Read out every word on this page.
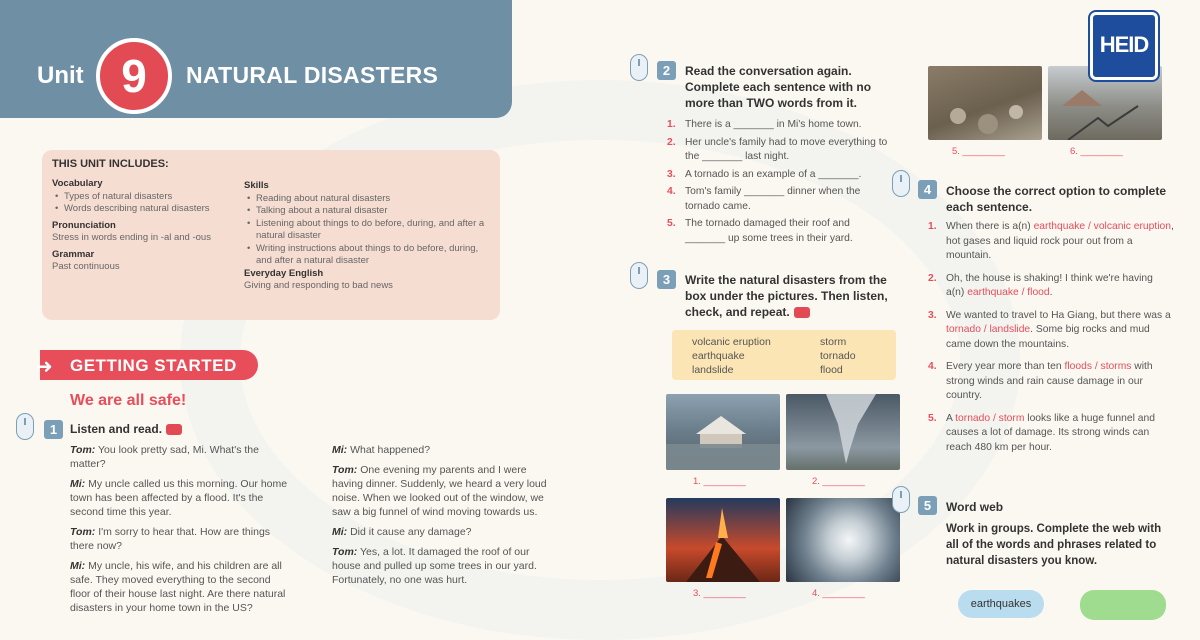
Unit 9	NATURAL DISASTERS
THIS UNIT INCLUDES:
Vocabulary
• Types of natural disasters
• Words describing natural disasters
Pronunciation
Stress in words ending in -al and -ous
Grammar
Past continuous
Skills
• Reading about natural disasters
• Talking about a natural disaster
• Listening about things to do before, during, and after a natural disaster
• Writing instructions about things to do before, during, and after a natural disaster
Everyday English
Giving and responding to bad news
➜ GETTING STARTED
We are all safe!
1	Listen and read.
Tom: You look pretty sad, Mi. What's the matter?
Mi: My uncle called us this morning. Our home town has been affected by a flood. It's the second time this year.
Tom: I'm sorry to hear that. How are things there now?
Mi: My uncle, his wife, and his children are all safe. They moved everything to the second floor of their house last night. Are there natural disasters in your home town in the US?
Mi: What happened?
Tom: One evening my parents and I were having dinner. Suddenly, we heard a very loud noise. When we looked out of the window, we saw a big funnel of wind moving towards us.
Mi: Did it cause any damage?
Tom: Yes, a lot. It damaged the roof of our house and pulled up some trees in our yard. Fortunately, no one was hurt.
2	Read the conversation again. Complete each sentence with no more than TWO words from it.
1. There is a _______ in Mi's home town.
2. Her uncle's family had to move everything to the _______ last night.
3. A tornado is an example of a _______.
4. Tom's family _______ dinner when the tornado came.
5. The tornado damaged their roof and _______ up some trees in their yard.
3	Write the natural disasters from the box under the pictures. Then listen, check, and repeat.
volcanic eruption
earthquake
landslide
storm
tornado
flood
1. ________	2. ________
3. ________	4. ________
5. ________	6. ________
HEID
4	Choose the correct option to complete each sentence.
1. When there is a(n) earthquake / volcanic eruption, hot gases and liquid rock pour out from a mountain.
2. Oh, the house is shaking! I think we're having a(n) earthquake / flood.
3. We wanted to travel to Ha Giang, but there was a tornado / landslide. Some big rocks and mud came down the mountains.
4. Every year more than ten floods / storms with strong winds and rain cause damage in our country.
5. A tornado / storm looks like a huge funnel and causes a lot of damage. Its strong winds can reach 480 km per hour.
5	Word web
Work in groups. Complete the web with all of the words and phrases related to natural disasters you know.
earthquakes
